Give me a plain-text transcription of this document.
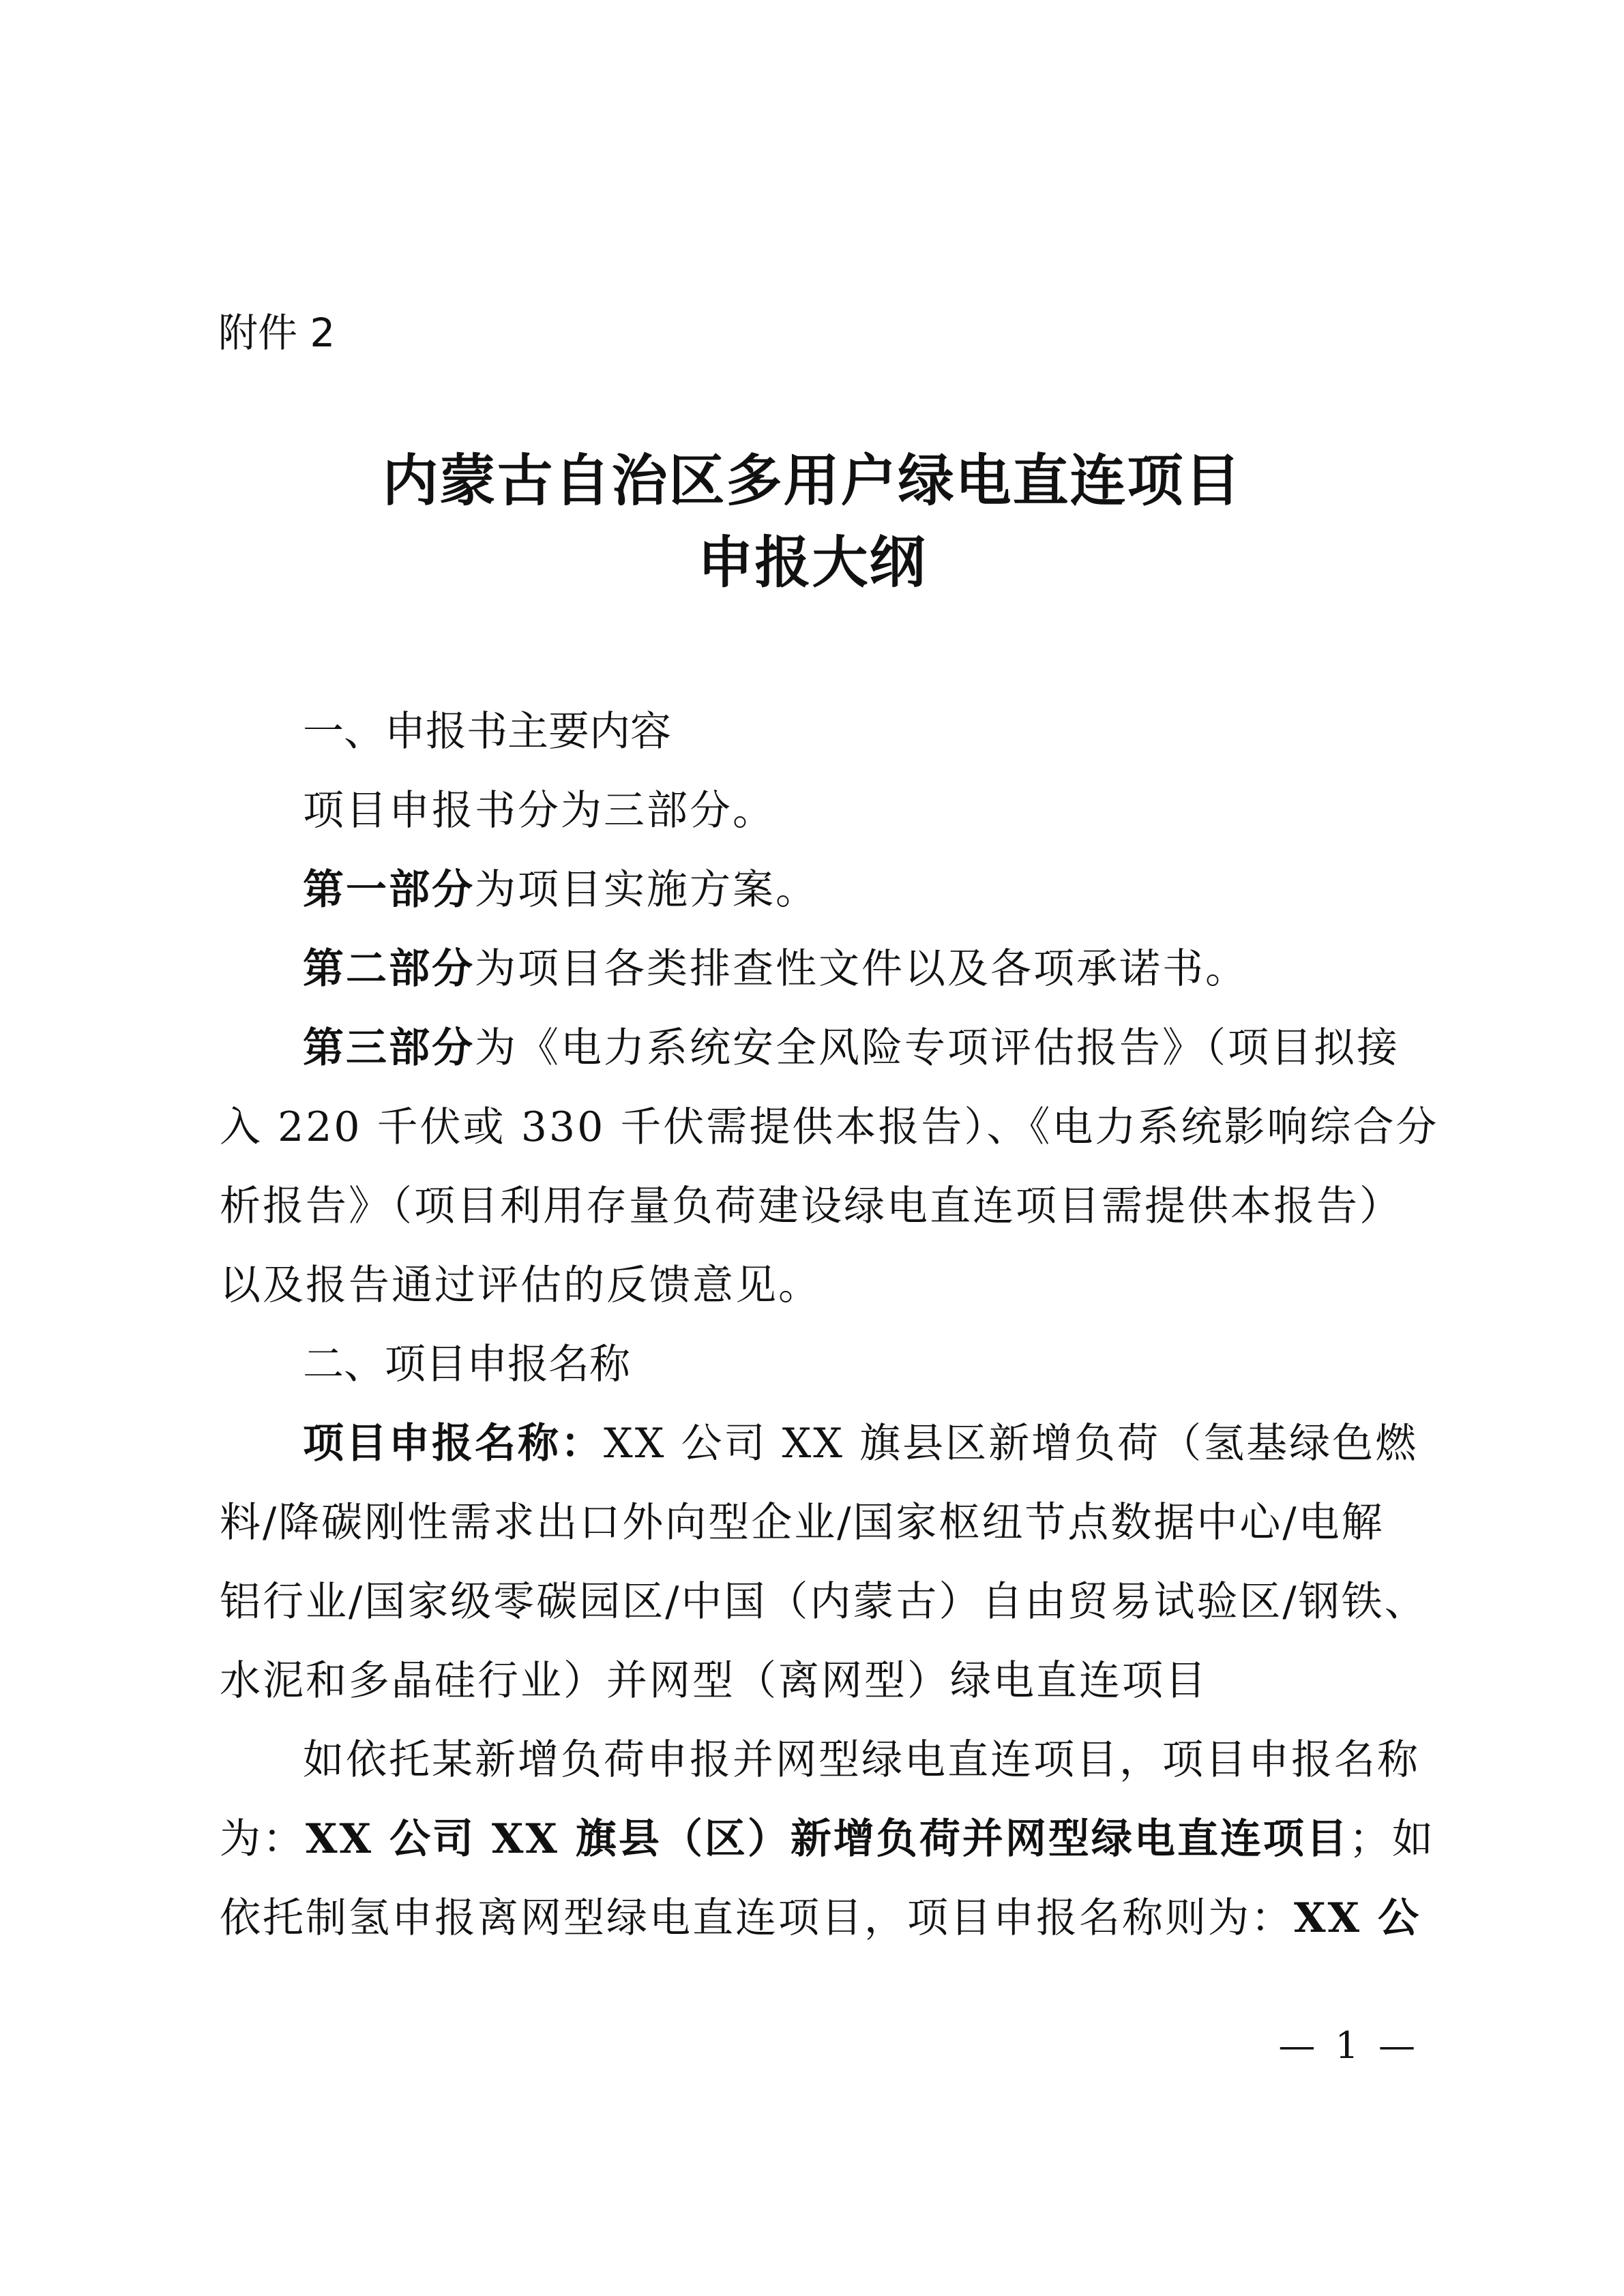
附件 2
内蒙古自治区多用户绿电直连项目
申报大纲
一、申报书主要内容
项目申报书分为三部分。
第一部分为项目实施方案。
第二部分为项目各类排查性文件以及各项承诺书。
第三部分为《电力系统安全风险专项评估报告》（项目拟接
入 220 千伏或 330 千伏需提供本报告）、《电力系统影响综合分
析报告》（项目利用存量负荷建设绿电直连项目需提供本报告）
以及报告通过评估的反馈意见。
二、项目申报名称
项目申报名称：XX 公司 XX 旗县区新增负荷（氢基绿色燃
料/降碳刚性需求出口外向型企业/国家枢纽节点数据中心/电解
铝行业/国家级零碳园区/中国（内蒙古）自由贸易试验区/钢铁、
水泥和多晶硅行业）并网型（离网型）绿电直连项目
如依托某新增负荷申报并网型绿电直连项目，项目申报名称
为：XX 公司 XX 旗县（区）新增负荷并网型绿电直连项目；如
依托制氢申报离网型绿电直连项目，项目申报名称则为：XX 公
— 1 —
